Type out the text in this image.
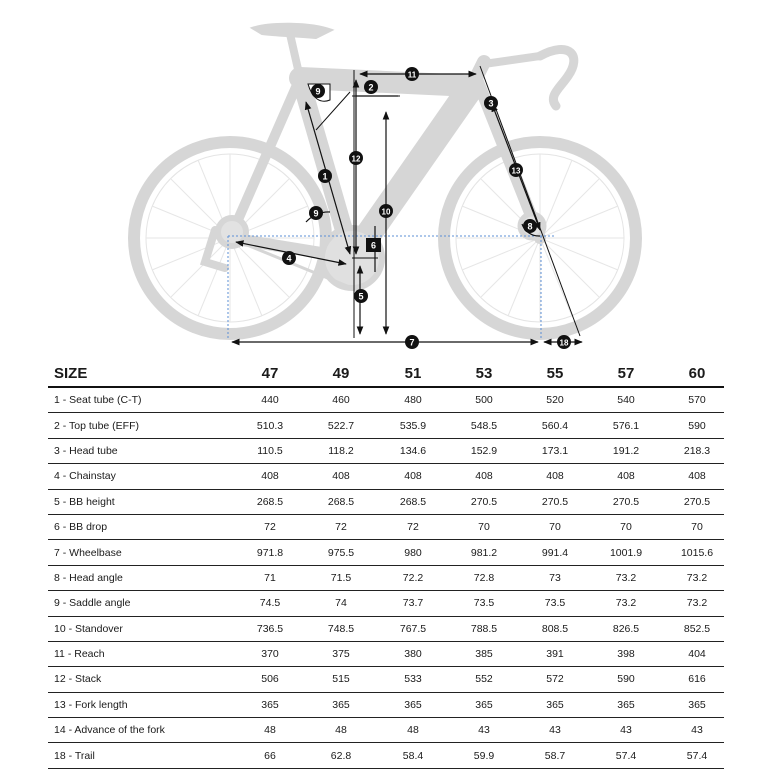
1
2
3
4
5
6
7
8
9
9	10
11
12
13
18
SIZE	47	49	51	53	55	57	60
1 - Seat tube (C-T)	440	460	480	500	520	540	570
2 - Top tube (EFF)	510.3	522.7	535.9	548.5	560.4	576.1	590
3 - Head tube	110.5	118.2	134.6	152.9	173.1	191.2	218.3
4 - Chainstay	408	408	408	408	408	408	408
5 - BB height	268.5	268.5	268.5	270.5	270.5	270.5	270.5
6 - BB drop	72	72	72	70	70	70	70
7 - Wheelbase	971.8	975.5	980	981.2	991.4	1001.9	1015.6
8 - Head angle	71	71.5	72.2	72.8	73	73.2	73.2
9 - Saddle angle	74.5	74	73.7	73.5	73.5	73.2	73.2
10 - Standover	736.5	748.5	767.5	788.5	808.5	826.5	852.5
11 - Reach	370	375	380	385	391	398	404
12 - Stack	506	515	533	552	572	590	616
13 - Fork length	365	365	365	365	365	365	365
14 - Advance of the fork	48	48	48	43	43	43	43
18 - Trail	66	62.8	58.4	59.9	58.7	57.4	57.4
